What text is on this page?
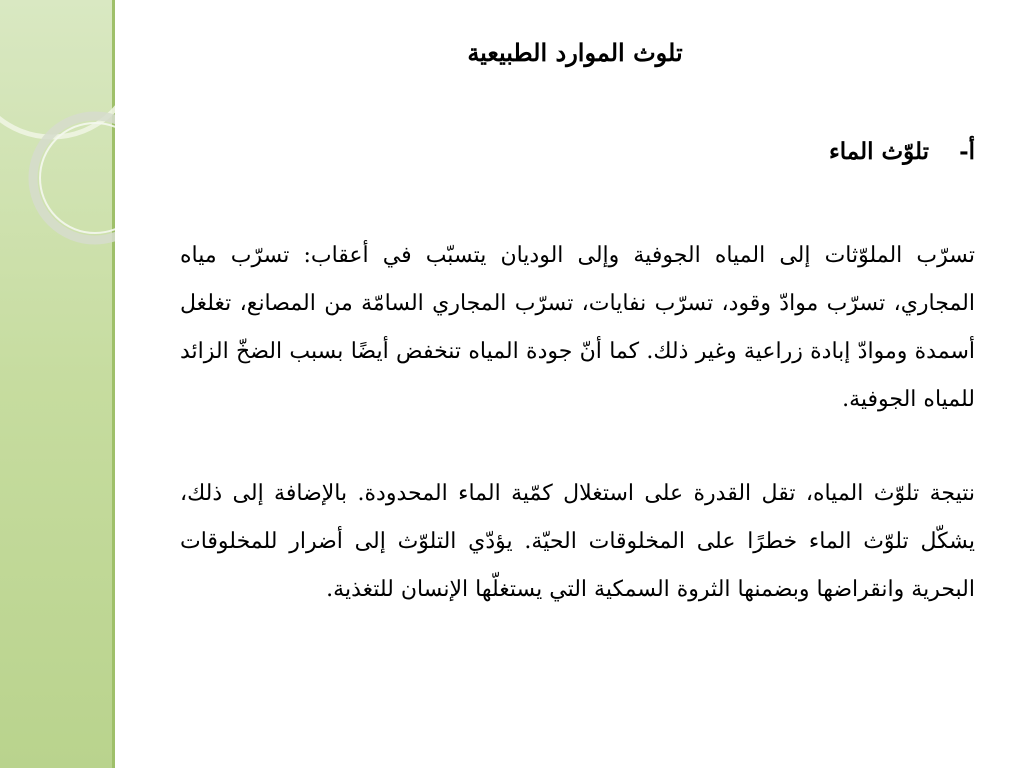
تلوث الموارد الطبيعية
أ-تلوّث الماء

تسرّب الملوّثات إلى المياه الجوفية وإلى الوديان يتسبّب في أعقاب: تسرّب مياه المجاري، تسرّب موادّ وقود، تسرّب نفايات، تسرّب المجاري السامّة من المصانع، تغلغل أسمدة وموادّ إبادة زراعية وغير ذلك. كما أنّ جودة المياه تنخفض أيضًا بسبب الضخّ الزائد للمياه الجوفية.

نتيجة تلوّث المياه، تقل القدرة على استغلال كمّية الماء المحدودة. بالإضافة إلى ذلك، يشكّل تلوّث الماء خطرًا على المخلوقات الحيّة. يؤدّي التلوّث إلى أضرار للمخلوقات البحرية وانقراضها وبضمنها الثروة السمكية التي يستغلّها الإنسان للتغذية.
